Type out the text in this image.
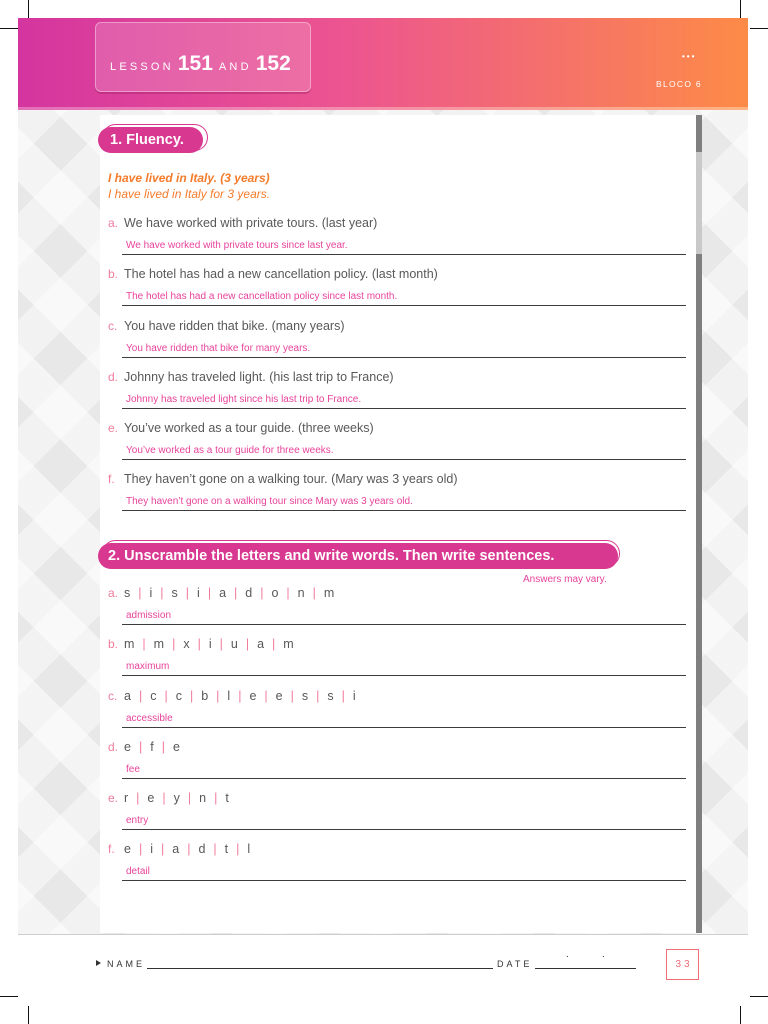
LESSON 151 AND 152	•••
BLOCO 6
1. Fluency.
I have lived in Italy. (3 years)
I have lived in Italy for 3 years.
a. We have worked with private tours. (last year)
We have worked with private tours since last year.
b. The hotel has had a new cancellation policy. (last month)
The hotel has had a new cancellation policy since last month.
c. You have ridden that bike. (many years)
You have ridden that bike for many years.
d. Johnny has traveled light. (his last trip to France)
Johnny has traveled light since his last trip to France.
e. You’ve worked as a tour guide. (three weeks)
You’ve worked as a tour guide for three weeks.
f. They haven’t gone on a walking tour. (Mary was 3 years old)
They haven’t gone on a walking tour since Mary was 3 years old.
2. Unscramble the letters and write words. Then write sentences.
Answers may vary.
a. s | i | s | i | a | d | o | n | m
admission
b. m | m | x | i | u | a | m
maximum
c. a | c | c | b | l | e | e | s | s | i
accessible
d. e | f | e
fee
e. r | e | y | n | t
entry
f. e | i | a | d | t | l
detail
NAME	DATE
.	.
33
